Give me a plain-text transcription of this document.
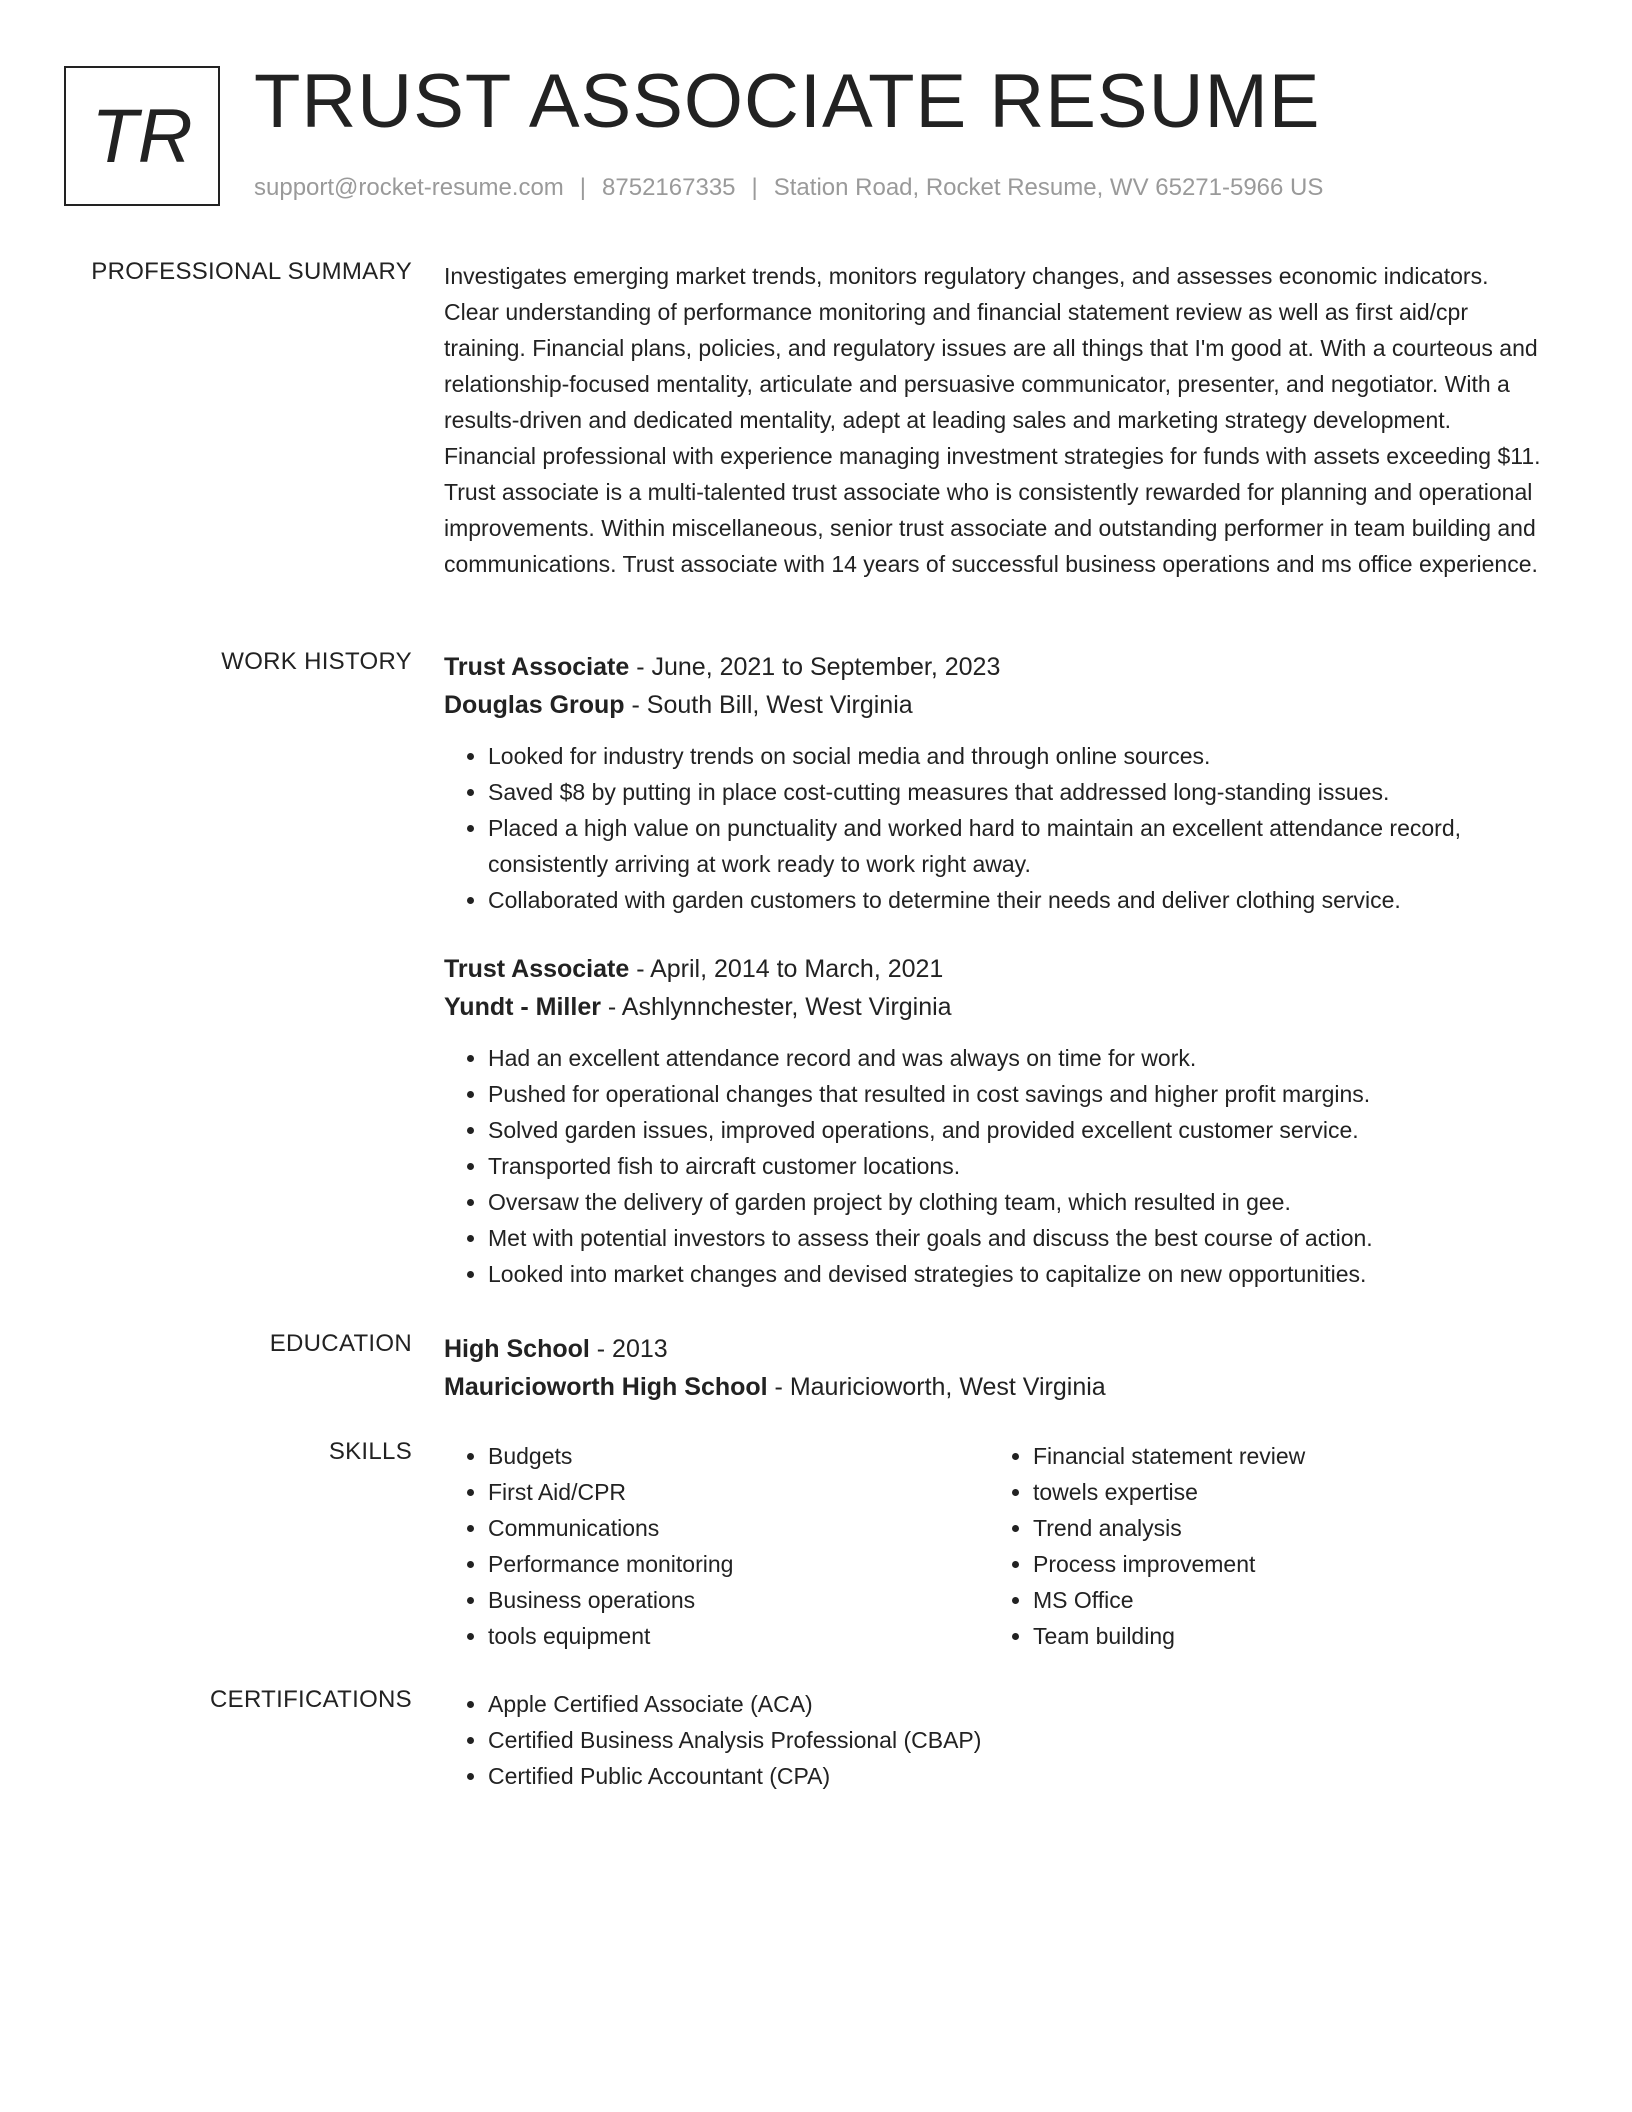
TR TRUST ASSOCIATE RESUME
support@rocket-resume.com | 8752167335 | Station Road, Rocket Resume, WV 65271-5966 US
PROFESSIONAL SUMMARY Investigates emerging market trends, monitors regulatory changes, and assesses economic indicators. Clear understanding of performance monitoring and financial statement review as well as first aid/cpr training. Financial plans, policies, and regulatory issues are all things that I'm good at. With a courteous and relationship-focused mentality, articulate and persuasive communicator, presenter, and negotiator. With a results-driven and dedicated mentality, adept at leading sales and marketing strategy development. Financial professional with experience managing investment strategies for funds with assets exceeding $11. Trust associate is a multi-talented trust associate who is consistently rewarded for planning and operational improvements. Within miscellaneous, senior trust associate and outstanding performer in team building and communications. Trust associate with 14 years of successful business operations and ms office experience.

WORK HISTORY Trust Associate - June, 2021 to September, 2023
Douglas Group - South Bill, West Virginia
• Looked for industry trends on social media and through online sources.
• Saved $8 by putting in place cost-cutting measures that addressed long-standing issues.
• Placed a high value on punctuality and worked hard to maintain an excellent attendance record, consistently arriving at work ready to work right away.
• Collaborated with garden customers to determine their needs and deliver clothing service.
Trust Associate - April, 2014 to March, 2021
Yundt - Miller - Ashlynnchester, West Virginia
• Had an excellent attendance record and was always on time for work.
• Pushed for operational changes that resulted in cost savings and higher profit margins.
• Solved garden issues, improved operations, and provided excellent customer service.
• Transported fish to aircraft customer locations.
• Oversaw the delivery of garden project by clothing team, which resulted in gee.
• Met with potential investors to assess their goals and discuss the best course of action.
• Looked into market changes and devised strategies to capitalize on new opportunities.
EDUCATION High School - 2013
Mauricioworth High School - Mauricioworth, West Virginia
SKILLS	• Budgets
• First Aid/CPR
• Communications
• Performance monitoring
• Business operations
• tools equipment
• Financial statement review
• towels expertise
• Trend analysis
• Process improvement
• MS Office
• Team building
CERTIFICATIONS	• Apple Certified Associate (ACA)
• Certified Business Analysis Professional (CBAP)
• Certified Public Accountant (CPA)
